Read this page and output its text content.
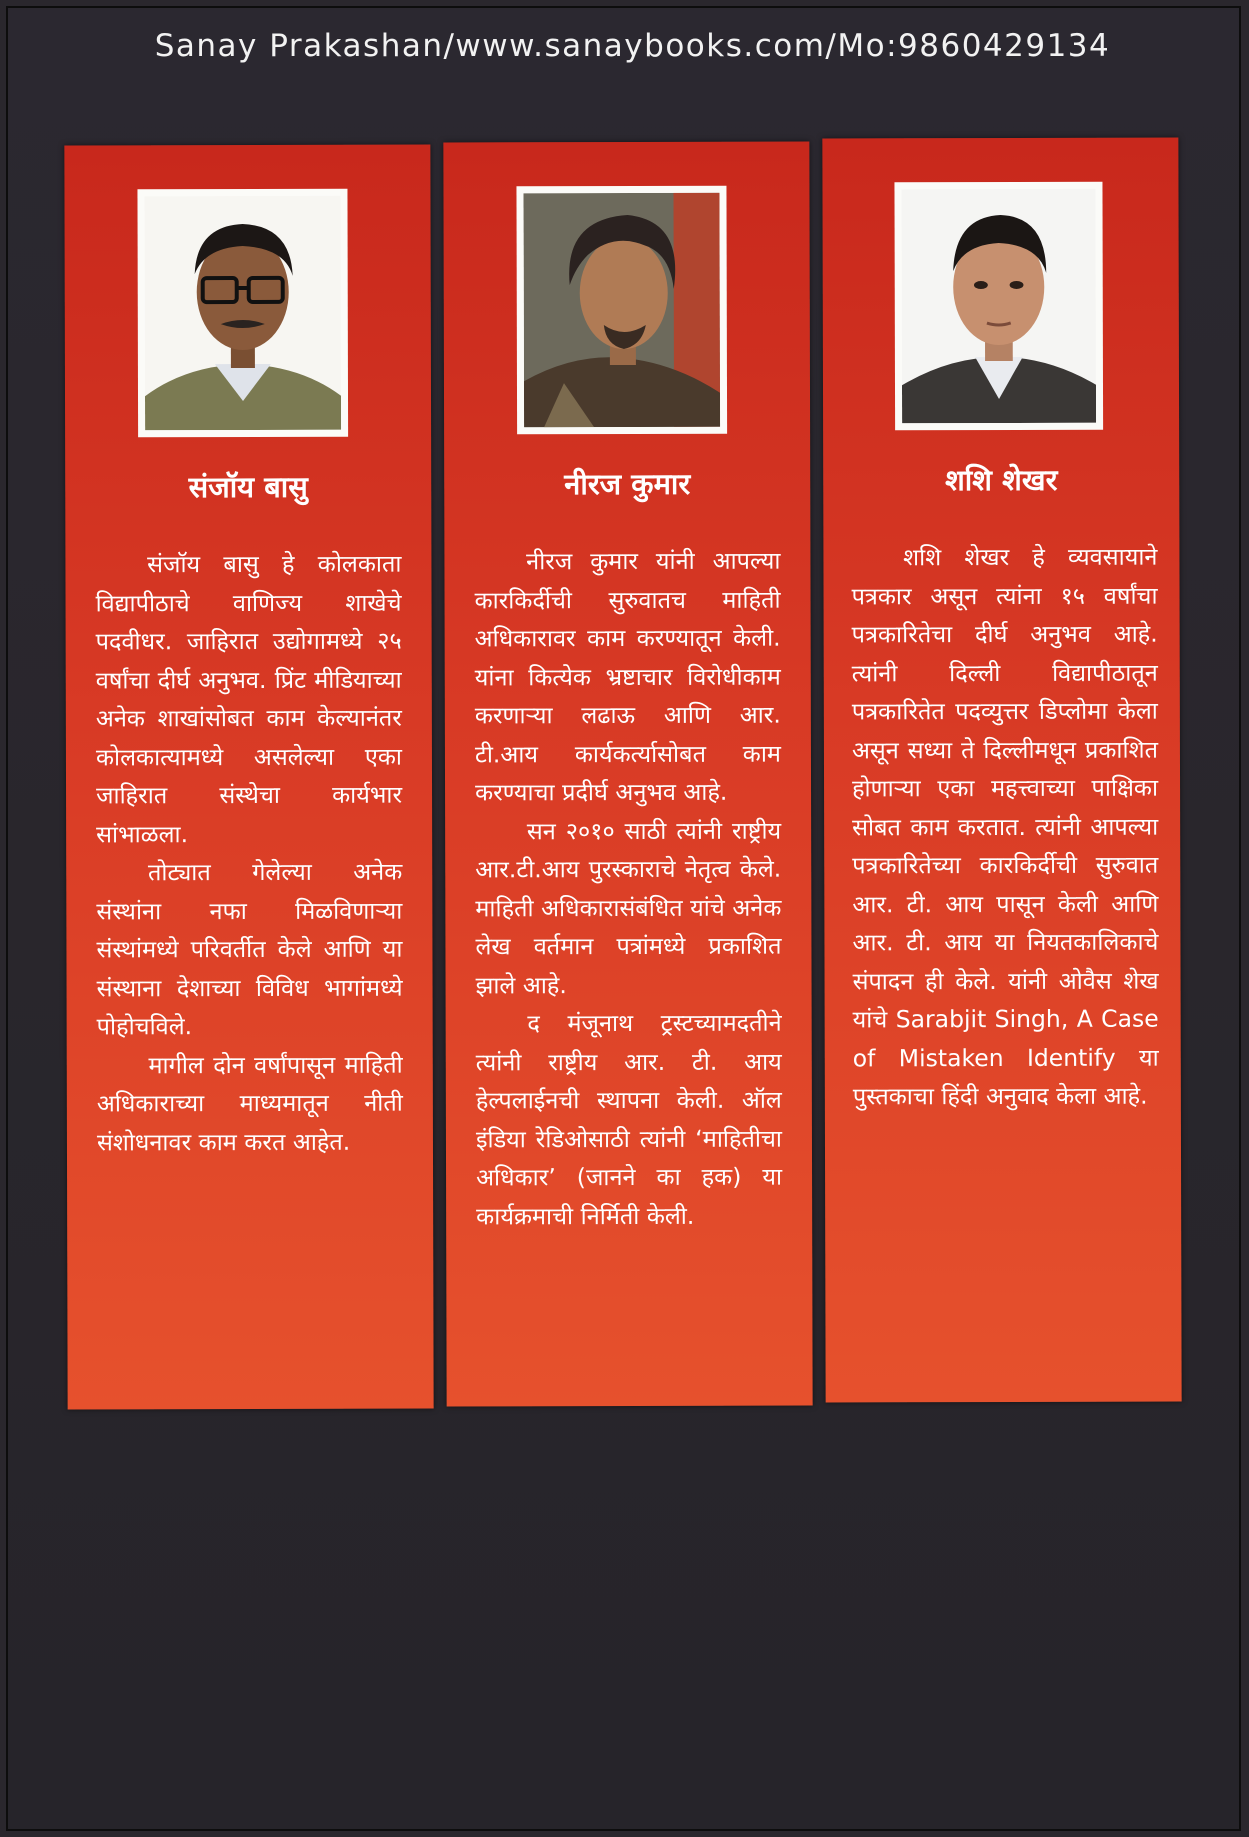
Sanay Prakashan/www.sanaybooks.com/Mo:9860429134
संजॉय बासु

संजॉय बासु हे कोलकाता विद्यापीठाचे वाणिज्य शाखेचे पदवीधर. जाहिरात उद्योगामध्ये २५ वर्षांचा दीर्घ अनुभव. प्रिंट मीडियाच्या अनेक शाखांसोबत काम केल्यानंतर कोलकात्यामध्ये असलेल्या एका जाहिरात संस्थेचा कार्यभार सांभाळला.

तोट्यात गेलेल्या अनेक संस्थांना नफा मिळविणाऱ्या संस्थांमध्ये परिवर्तीत केले आणि या संस्थाना देशाच्या विविध भागांमध्ये पोहोचविले.

मागील दोन वर्षांपासून माहिती अधिकाराच्या माध्यमातून नीती संशोधनावर काम करत आहेत.

नीरज कुमार

नीरज कुमार यांनी आपल्या कारकिर्दीची सुरुवातच माहिती अधिकारावर काम करण्यातून केली. यांना कित्येक भ्रष्टाचार विरोधीकाम करणाऱ्या लढाऊ आणि आर. टी.आय कार्यकर्त्यासोबत काम करण्याचा प्रदीर्घ अनुभव आहे.

सन २०१० साठी त्यांनी राष्ट्रीय आर.टी.आय पुरस्काराचे नेतृत्व केले. माहिती अधिकारासंबंधित यांचे अनेक लेख वर्तमान पत्रांमध्ये प्रकाशित झाले आहे.

द मंजूनाथ ट्रस्टच्यामदतीने त्यांनी राष्ट्रीय आर. टी. आय हेल्पलाईनची स्थापना केली. ऑल इंडिया रेडिओसाठी त्यांनी ‘माहितीचा अधिकार’ (जानने का हक) या कार्यक्रमाची निर्मिती केली.

शशि शेखर

शशि शेखर हे व्यवसायाने पत्रकार असून त्यांना १५ वर्षांचा पत्रकारितेचा दीर्घ अनुभव आहे. त्यांनी दिल्ली विद्यापीठातून पत्रकारितेत पदव्युत्तर डिप्लोमा केला असून सध्या ते दिल्लीमधून प्रकाशित होणाऱ्या एका महत्त्वाच्या पाक्षिका सोबत काम करतात. त्यांनी आपल्या पत्रकारितेच्या कारकिर्दीची सुरुवात आर. टी. आय पासून केली आणि आर. टी. आय या नियतकालिकाचे संपादन ही केले. यांनी ओवैस शेख यांचे Sarabjit Singh, A Case of Mistaken Identify या पुस्तकाचा हिंदी अनुवाद केला आहे.
